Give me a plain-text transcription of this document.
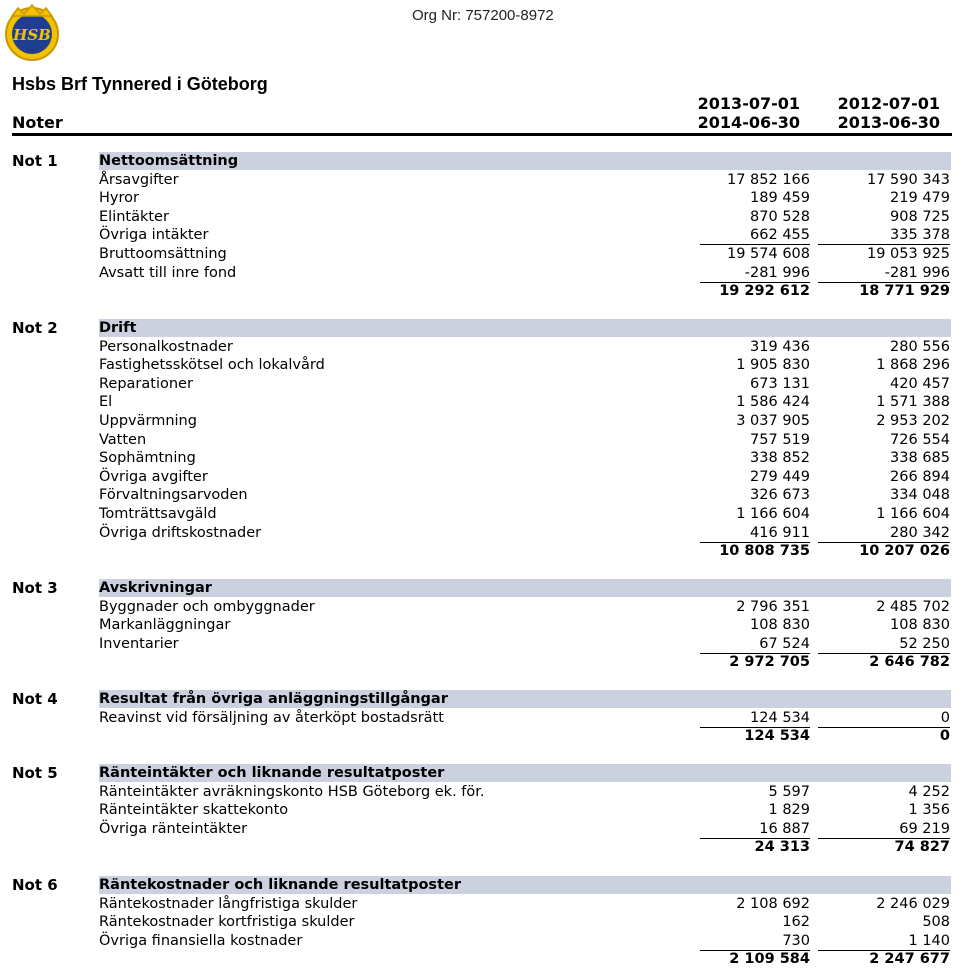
HSB
Org Nr: 757200-8972
Hsbs Brf Tynnered i Göteborg
Noter
2013-07-01
2014-06-30
2012-07-01
2013-06-30
Not 1	Nettoomsättning
Årsavgifter	17 852 166	17 590 343
Hyror	189 459	219 479
Elintäkter	870 528	908 725
Övriga intäkter	662 455	335 378
Bruttoomsättning	19 574 608	19 053 925
Avsatt till inre fond	-281 996	-281 996
19 292 612	18 771 929
Not 2	Drift
Personalkostnader	319 436	280 556
Fastighetsskötsel och lokalvård	1 905 830	1 868 296
Reparationer	673 131	420 457
El	1 586 424	1 571 388
Uppvärmning	3 037 905	2 953 202
Vatten	757 519	726 554
Sophämtning	338 852	338 685
Övriga avgifter	279 449	266 894
Förvaltningsarvoden	326 673	334 048
Tomträttsavgäld	1 166 604	1 166 604
Övriga driftskostnader	416 911	280 342
10 808 735	10 207 026
Not 3	Avskrivningar
Byggnader och ombyggnader	2 796 351	2 485 702
Markanläggningar	108 830	108 830
Inventarier	67 524	52 250
2 972 705	2 646 782
Not 4	Resultat från övriga anläggningstillgångar
Reavinst vid försäljning av återköpt bostadsrätt	124 534	0
124 534	0
Not 5	Ränteintäkter och liknande resultatposter
Ränteintäkter avräkningskonto HSB Göteborg ek. för.	5 597	4 252
Ränteintäkter skattekonto	1 829	1 356
Övriga ränteintäkter	16 887	69 219
24 313	74 827
Not 6	Räntekostnader och liknande resultatposter
Räntekostnader långfristiga skulder	2 108 692	2 246 029
Räntekostnader kortfristiga skulder	162	508
Övriga finansiella kostnader	730	1 140
2 109 584	2 247 677
